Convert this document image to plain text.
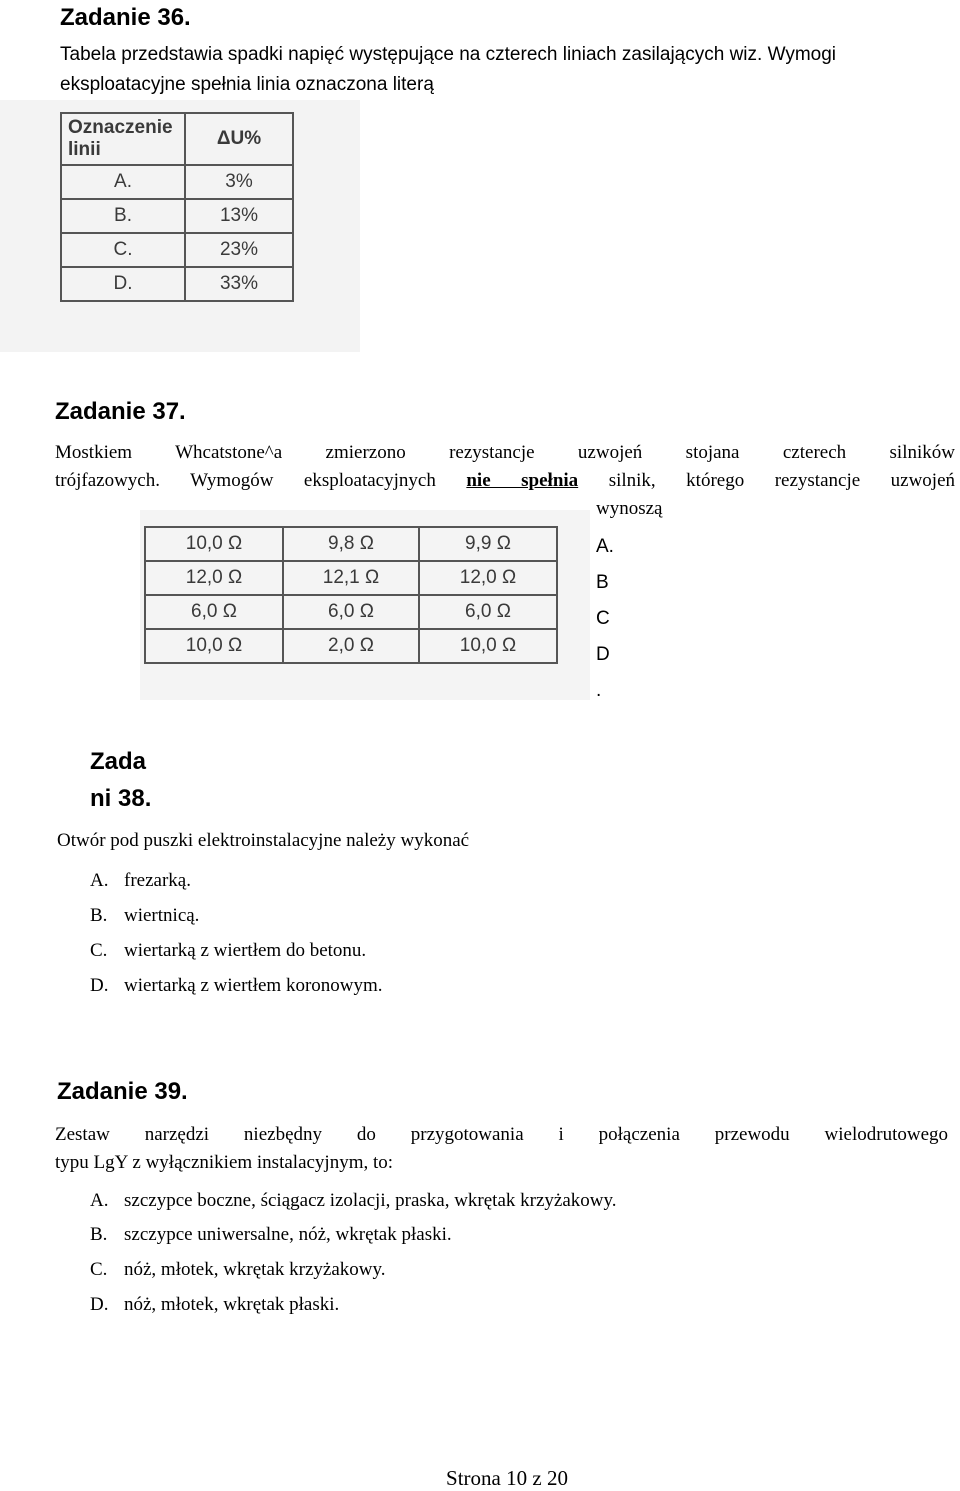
Zadanie 36.
Tabela przedstawia spadki napięć występujące na czterech liniach zasilających wiz. Wymogi eksploatacyjne spełnia linia oznaczona literą
Oznaczenie linii	ΔU%
A.	3%
B.	13%
C.	23%
D.	33%
Zadanie 37.
Mostkiem Whcatstone^a zmierzono rezystancje uzwojeń stojana czterech silników
trójfazowych. Wymogów eksploatacyjnych nie spełnia silnik, którego rezystancje uzwojeń
wynoszą
10,0 Ω	9,8 Ω	9,9 Ω
12,0 Ω	12,1 Ω	12,0 Ω
6,0 Ω	6,0 Ω	6,0 Ω
10,0 Ω	2,0 Ω	10,0 Ω
A.
B
C
D
.
Zada
ni 38.
Otwór pod puszki elektroinstalacyjne należy wykonać
A. frezarką.
B. wiertnicą.
C. wiertarką z wiertłem do betonu.
D. wiertarką z wiertłem koronowym.
Zadanie 39.
Zestaw narzędzi niezbędny do przygotowania i połączenia przewodu wielodrutowego
typu LgY z wyłącznikiem instalacyjnym, to:
A. szczypce boczne, ściągacz izolacji, praska, wkrętak krzyżakowy.
B. szczypce uniwersalne, nóż, wkrętak płaski.
C. nóż, młotek, wkrętak krzyżakowy.
D. nóż, młotek, wkrętak płaski.
Strona 10 z 20
